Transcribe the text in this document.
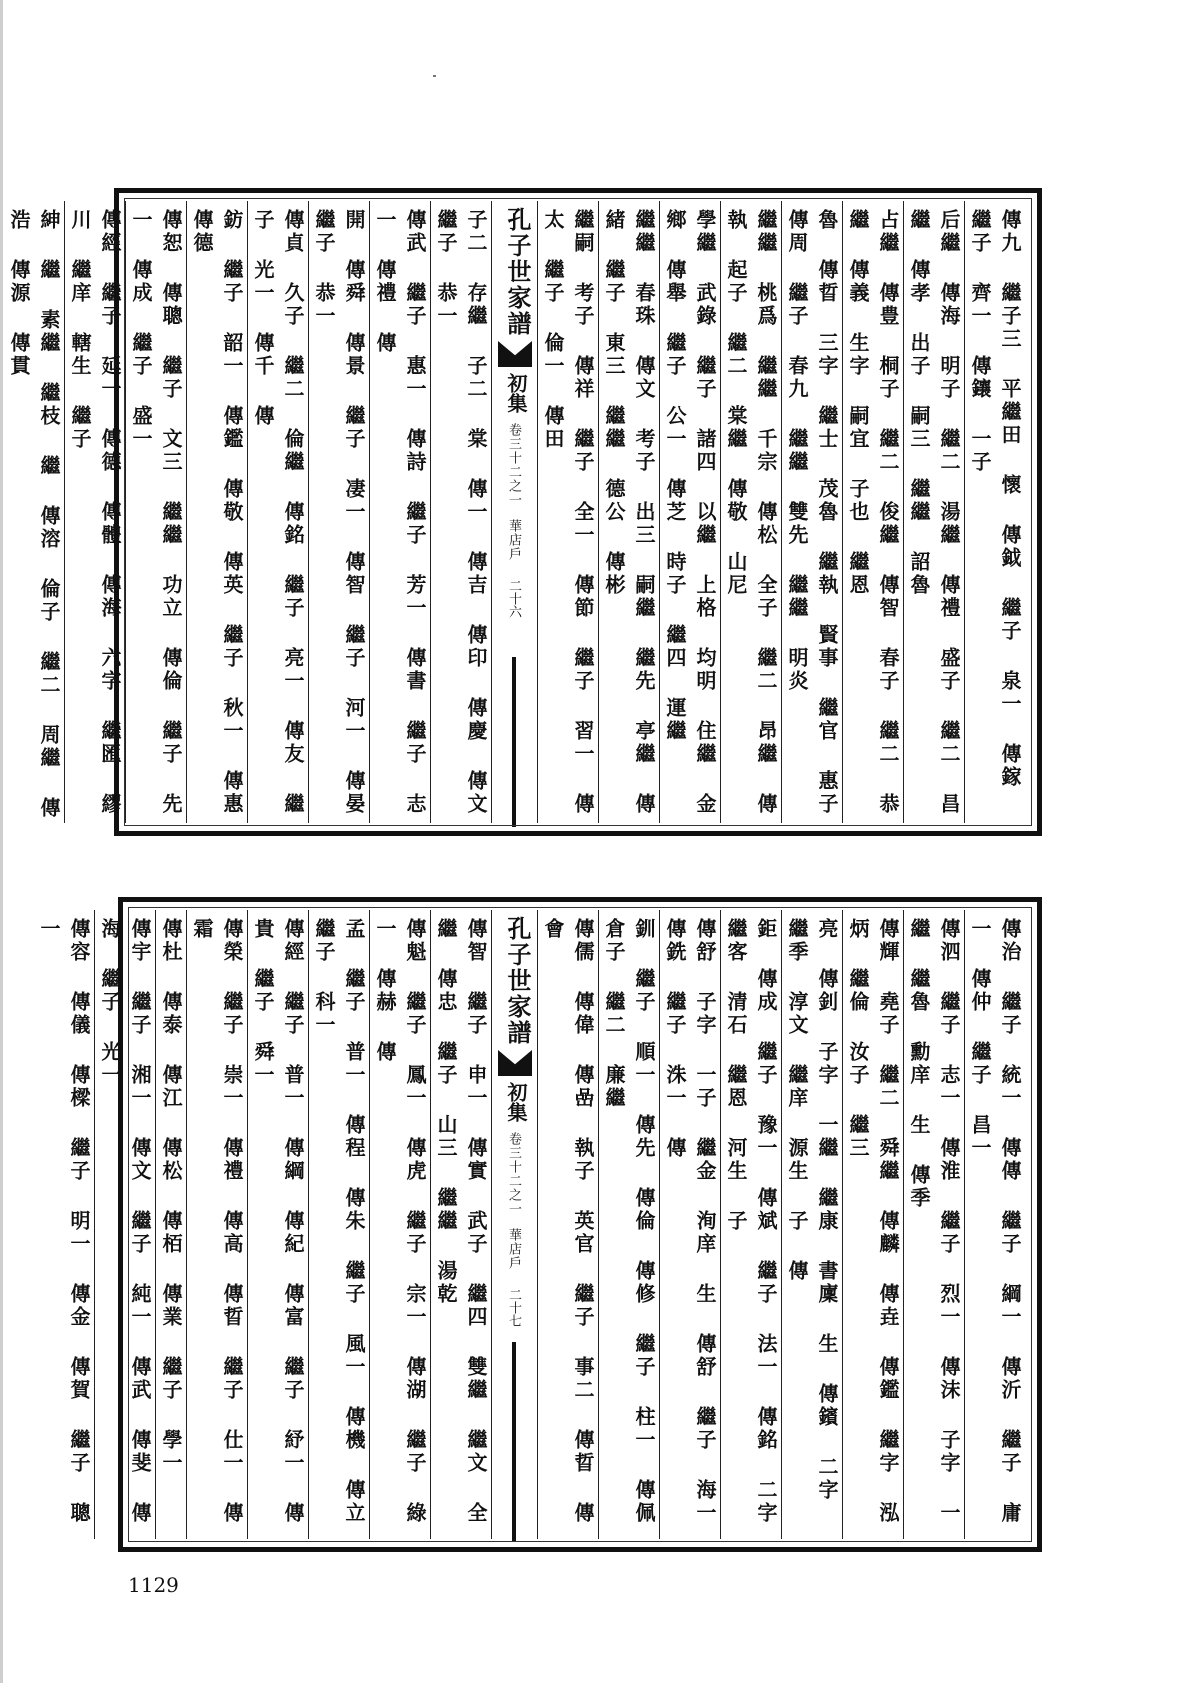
傳九 繼子三 平繼田 懷 傳鉞 繼子 泉一 傳鎵 繼子 齊一 傳鑲 一子
后繼 傳海 明子 繼二 湯繼 傳禮 盛子 繼二 昌繼 傳孝 出子 嗣三 繼繼 詔魯
占繼 傳豊 桐子 繼二 俊繼 傳智 春子 繼二 恭繼 傳義 生字 嗣宜 子也 繼恩
魯 傳晢 三字 繼士 茂魯 繼執 賢事 繼官 惠子 傳周 繼子 春九 繼繼 雙先 繼繼 明炎
繼繼 桃爲 繼繼 千宗 傳松 全子 繼二 昂繼 傳執 起子 繼二 棠繼 傳敬 山尼
學繼 武錄 繼子 諸四 以繼 上格 均明 住繼 金 鄉 傳舉 繼子 公一 傳芝 時子 繼四 運繼
繼繼 春珠 傳文 考子 出三 嗣繼 繼先 亭繼 傳緒 繼子 東三 繼繼 德公 傳彬
繼嗣 考子 傳祥 繼子 全一 傳節 繼子 習一 傳太 繼子 倫一 傳田
孔子世家譜
初集
卷三十二之一
華店戶
二十六
子二 存繼 子二 棠 傳一 傳吉 傳印 傳慶 傳文 繼子 恭一
傳武 繼子 惠一 傳詩 繼子 芳一 傳書 繼子 志一 傳禮 傳
開 傳舜 傳景 繼子 凄一 傳智 繼子 河一 傳晏 繼子 恭一
傳貞 久子 繼二 倫繼 傳銘 繼子 亮一 傳友 繼子 光一 傳千 傳
鈁 繼子 韶一 傳鑑 傳敬 傳英 繼子 秋一 傳惠 傳德
傳恕 傳聰 繼子 文三 繼繼 功立 傳倫 繼子 先一 傳成 繼子 盛一
傳經 繼子 延一 傳德 傳體 傳海 六字 繼匯 繆川 繼庠 轄生 繼子
紳 繼 素繼 繼枝 繼 傳溶 倫子 繼二 周繼 傳浩 傳源 傳貫
傳治 繼子 統一 傳傳 繼子 綱一 傳沂 繼子 庸一 傳仲 繼子 昌一
傳泗 繼子 志一 傳淮 繼子 烈一 傳沫 子字 一繼 繼魯 勳庠 生 傳季
傳輝 堯子 繼二 舜繼 傳麟 傳垚 傳鑑 繼字 泓炳 繼倫 汝子 繼三
亮 傳釗 子字 一繼 繼康 書廩 生 傳鑌 二字 繼季 淳文 繼庠 源生 子 傳
鉅 傳成 繼子 豫一 傳斌 繼子 法一 傳銘 二字 繼客 清石 繼恩 河生 子
傳舒 子字 一子 繼金 洵庠 生 傳舒 繼子 海一 傳銑 繼子 洙一 傳
釧 繼子 順一 傳先 傳倫 傳修 繼子 柱一 傳佩 倉子 繼二 廉繼
傳儒 傳偉 傳嵒 執子 英官 繼子 事二 傳晢 傳會
孔子世家譜
初集
卷三十二之一
華店戶
二十七
傳智 繼子 申一 傳實 武子 繼四 雙繼 繼文 全繼 傳忠 繼子 山三 繼繼 湯乾
傳魁 繼子 鳳一 傳虎 繼子 宗一 傳湖 繼子 綠一 傳赫 傳
孟 繼子 普一 傳程 傳朱 繼子 風一 傳機 傳立 繼子 科一
傳經 繼子 普一 傳綱 傳紀 傳富 繼子 紓一 傳貴 繼子 舜一
傳榮 繼子 崇一 傳禮 傳高 傳晢 繼子 仕一 傳霜
傳杜 傳泰 傳江 傳松 傳栢 傳業 繼子 學一
傳宇 繼子 湘一 傳文 繼子 純一 傳武 傳斐 傳海 繼子 光一
傳容 傳儀 傳樑 繼子 明一 傳金 傳賀 繼子 聰一
1129
